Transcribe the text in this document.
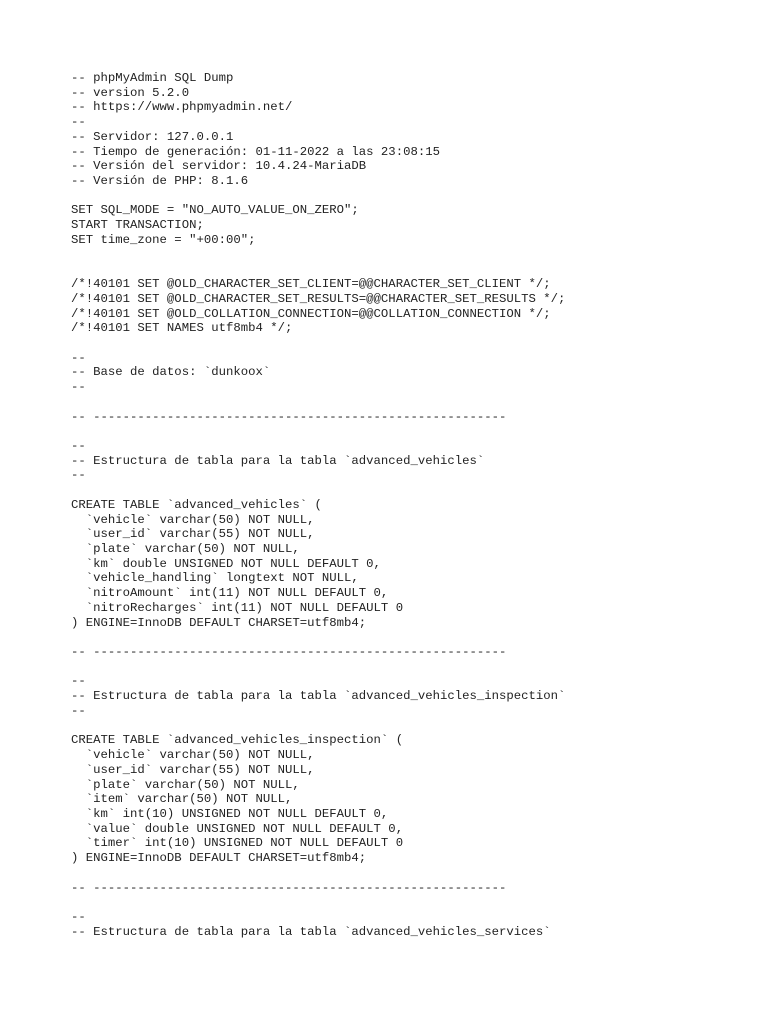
-- phpMyAdmin SQL Dump
-- version 5.2.0
-- https://www.phpmyadmin.net/
--
-- Servidor: 127.0.0.1
-- Tiempo de generación: 01-11-2022 a las 23:08:15
-- Versión del servidor: 10.4.24-MariaDB
-- Versión de PHP: 8.1.6
SET SQL_MODE = "NO_AUTO_VALUE_ON_ZERO";
START TRANSACTION;
SET time_zone = "+00:00";
/*!40101 SET @OLD_CHARACTER_SET_CLIENT=@@CHARACTER_SET_CLIENT */;
/*!40101 SET @OLD_CHARACTER_SET_RESULTS=@@CHARACTER_SET_RESULTS */;
/*!40101 SET @OLD_COLLATION_CONNECTION=@@COLLATION_CONNECTION */;
/*!40101 SET NAMES utf8mb4 */;
--
-- Base de datos: `dunkoox`
--
-- --------------------------------------------------------
--
-- Estructura de tabla para la tabla `advanced_vehicles`
--
CREATE TABLE `advanced_vehicles` (
`vehicle` varchar(50) NOT NULL,
`user_id` varchar(55) NOT NULL,
`plate` varchar(50) NOT NULL,
`km` double UNSIGNED NOT NULL DEFAULT 0,
`vehicle_handling` longtext NOT NULL,
`nitroAmount` int(11) NOT NULL DEFAULT 0,
`nitroRecharges` int(11) NOT NULL DEFAULT 0
) ENGINE=InnoDB DEFAULT CHARSET=utf8mb4;
-- --------------------------------------------------------
--
-- Estructura de tabla para la tabla `advanced_vehicles_inspection`
--
CREATE TABLE `advanced_vehicles_inspection` (
`vehicle` varchar(50) NOT NULL,
`user_id` varchar(55) NOT NULL,
`plate` varchar(50) NOT NULL,
`item` varchar(50) NOT NULL,
`km` int(10) UNSIGNED NOT NULL DEFAULT 0,
`value` double UNSIGNED NOT NULL DEFAULT 0,
`timer` int(10) UNSIGNED NOT NULL DEFAULT 0
) ENGINE=InnoDB DEFAULT CHARSET=utf8mb4;
-- --------------------------------------------------------
--
-- Estructura de tabla para la tabla `advanced_vehicles_services`
